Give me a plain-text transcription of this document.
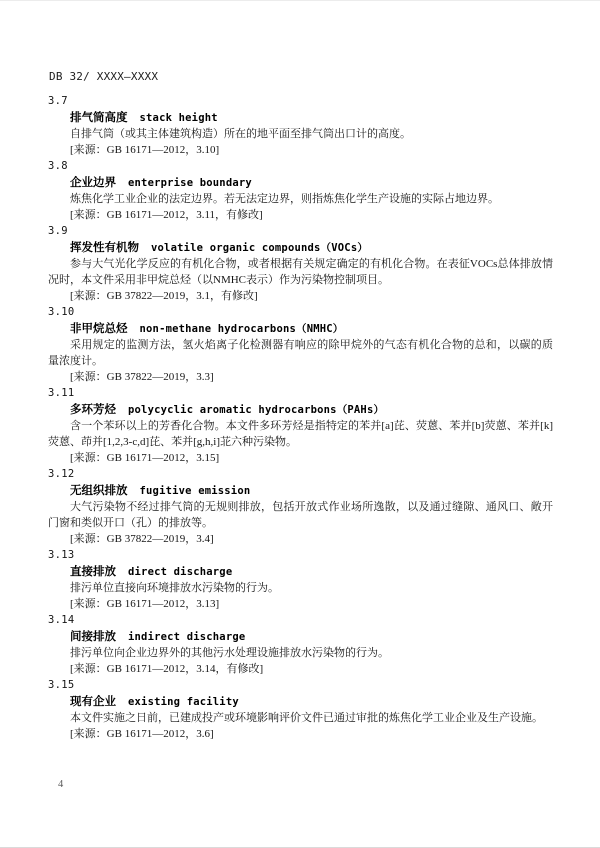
DB 32/ XXXX—XXXX
3.7
排气筒高度 stack height

自排气筒（或其主体建筑构造）所在的地平面至排气筒出口计的高度。

[来源：GB 16171—2012，3.10]
3.8
企业边界 enterprise boundary

炼焦化学工业企业的法定边界。若无法定边界，则指炼焦化学生产设施的实际占地边界。

[来源：GB 16171—2012，3.11，有修改]
3.9
挥发性有机物 volatile organic compounds（VOCs）

参与大气光化学反应的有机化合物，或者根据有关规定确定的有机化合物。在表征VOCs总体排放情况时，本文件采用非甲烷总烃（以NMHC表示）作为污染物控制项目。

[来源：GB 37822—2019，3.1，有修改]
3.10
非甲烷总烃 non-methane hydrocarbons（NMHC）

采用规定的监测方法，氢火焰离子化检测器有响应的除甲烷外的气态有机化合物的总和，以碳的质量浓度计。

[来源：GB 37822—2019，3.3]
3.11
多环芳烃 polycyclic aromatic hydrocarbons（PAHs）

含一个苯环以上的芳香化合物。本文件多环芳烃是指特定的苯并[a]芘、荧蒽、苯并[b]荧蒽、苯并[k]荧蒽、茚并[1,2,3-c,d]芘、苯并[g,h,i]苝六种污染物。

[来源：GB 16171—2012，3.15]
3.12
无组织排放 fugitive emission

大气污染物不经过排气筒的无规则排放，包括开放式作业场所逸散，以及通过缝隙、通风口、敞开门窗和类似开口（孔）的排放等。

[来源：GB 37822—2019，3.4]
3.13
直接排放 direct discharge

排污单位直接向环境排放水污染物的行为。

[来源：GB 16171—2012，3.13]
3.14
间接排放 indirect discharge

排污单位向企业边界外的其他污水处理设施排放水污染物的行为。

[来源：GB 16171—2012，3.14，有修改]
3.15
现有企业 existing facility

本文件实施之日前，已建成投产或环境影响评价文件已通过审批的炼焦化学工业企业及生产设施。

[来源：GB 16171—2012，3.6]
4
